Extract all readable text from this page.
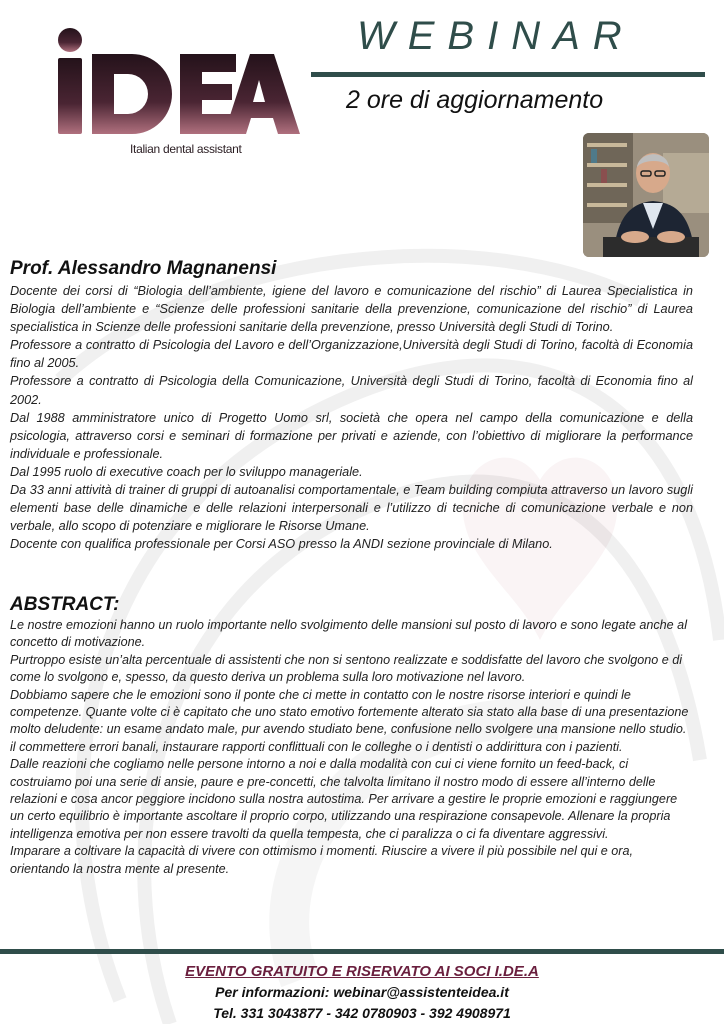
Italian dental assistant
WEBINAR
2 ore di aggiornamento
Prof. Alessandro Magnanensi

Docente dei corsi di “Biologia dell’ambiente, igiene del lavoro e comunicazione del rischio” di Laurea Specialistica in Biologia dell’ambiente e “Scienze delle professioni sanitarie della prevenzione, comunicazione del rischio” di Laurea specialistica in Scienze delle professioni sanitarie della prevenzione, presso Università degli Studi di Torino.

Professore a contratto di Psicologia del Lavoro e dell’Organizzazione,Università degli Studi di Torino, facoltà di Economia fino al 2005.

Professore a contratto di Psicologia della Comunicazione, Università degli Studi di Torino, facoltà di Economia fino al 2002.

Dal 1988 amministratore unico di Progetto Uomo srl, società che opera nel campo della comunicazione e della psicologia, attraverso corsi e seminari di formazione per privati e aziende, con l’obiettivo di migliorare la performance individuale e professionale.

Dal 1995 ruolo di executive coach per lo sviluppo manageriale.

Da 33 anni attività di trainer di gruppi di autoanalisi comportamentale, e Team building compiuta attraverso un lavoro sugli elementi base delle dinamiche e delle relazioni interpersonali e l’utilizzo di tecniche di comunicazione verbale e non verbale, allo scopo di potenziare e migliorare le Risorse Umane.

Docente con qualifica professionale per Corsi ASO presso la ANDI sezione provinciale di Milano.

ABSTRACT:

Le nostre emozioni hanno un ruolo importante nello svolgimento delle mansioni sul posto di lavoro e sono legate anche al concetto di motivazione.

Purtroppo esiste un’alta percentuale di assistenti che non si sentono realizzate e soddisfatte del lavoro che svolgono e di come lo svolgono e, spesso, da questo deriva un problema sulla loro motivazione nel lavoro.

Dobbiamo sapere che le emozioni sono il ponte che ci mette in contatto con le nostre risorse interiori e quindi le competenze. Quante volte ci è capitato che uno stato emotivo fortemente alterato sia stato alla base di una presentazione molto deludente: un esame andato male, pur avendo studiato bene, confusione nello svolgere una mansione nello studio.

il commettere errori banali, instaurare rapporti conflittuali con le colleghe o i dentisti o addirittura con i pazienti.

Dalle reazioni che cogliamo nelle persone intorno a noi e dalla modalità con cui ci viene fornito un feed-back, ci costruiamo poi una serie di ansie, paure e pre-concetti, che talvolta limitano il nostro modo di essere all’interno delle relazioni e cosa ancor peggiore incidono sulla nostra autostima. Per arrivare a gestire le proprie emozioni e raggiungere un certo equilibrio è importante ascoltare il proprio corpo, utilizzando una respirazione consapevole. Allenare la propria intelligenza emotiva per non essere travolti da quella tempesta, che ci paralizza o ci fa diventare aggressivi.

Imparare a coltivare la capacità di vivere con ottimismo i momenti. Riuscire a vivere il più possibile nel qui e ora, orientando la nostra mente al presente.

EVENTO GRATUITO E RISERVATO AI SOCI I.DE.A
Per informazioni: webinar@assistenteidea.it
Tel. 331 3043877 - 342 0780903 - 392 4908971
